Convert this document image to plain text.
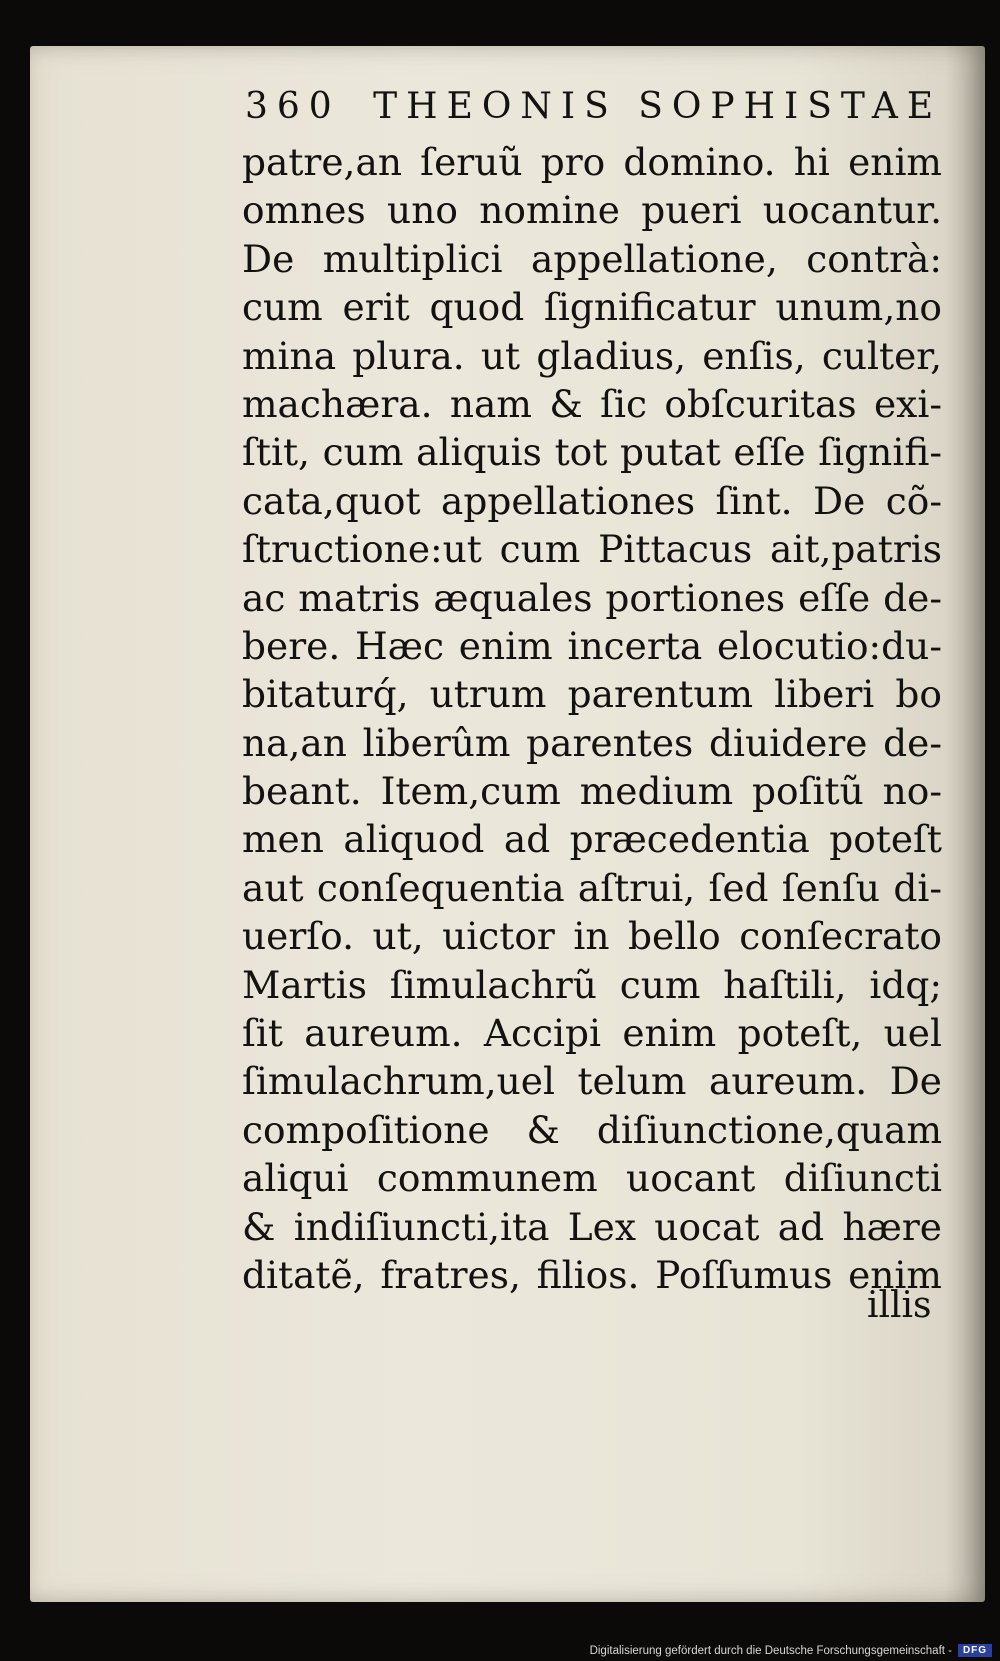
360 THEONIS SOPHISTAE
patre,an ſeruũ pro domino. hi enim
omnes uno nomine pueri uocantur.
De multiplici appellatione, contrà:
cum erit quod ſignificatur unum,no
mina plura. ut gladius, enſis, culter,
machæra. nam & ſic obſcuritas exi-
ſtit, cum aliquis tot putat eſſe ſignifi-
cata,quot appellationes ſint. De cõ-
ſtructione:ut cum Pittacus ait,patris
ac matris æquales portiones eſſe de-
bere. Hæc enim incerta elocutio:du-
bitaturq́, utrum parentum liberi bo
na,an liberûm parentes diuidere de-
beant. Item,cum medium poſitũ no-
men aliquod ad præcedentia poteſt
aut conſequentia aſtrui, ſed ſenſu di-
uerſo. ut, uictor in bello conſecrato
Martis ſimulachrũ cum haſtili, idq;
ſit aureum. Accipi enim poteſt, uel
ſimulachrum,uel telum aureum. De
compoſitione & diſiunctione,quam
aliqui communem uocant diſiuncti
& indiſiuncti,ita Lex uocat ad hære
ditatẽ, fratres, filios. Poſſumus enim
illis
Digitalisierung gefördert durch die Deutsche Forschungsgemeinschaft -	DFG
